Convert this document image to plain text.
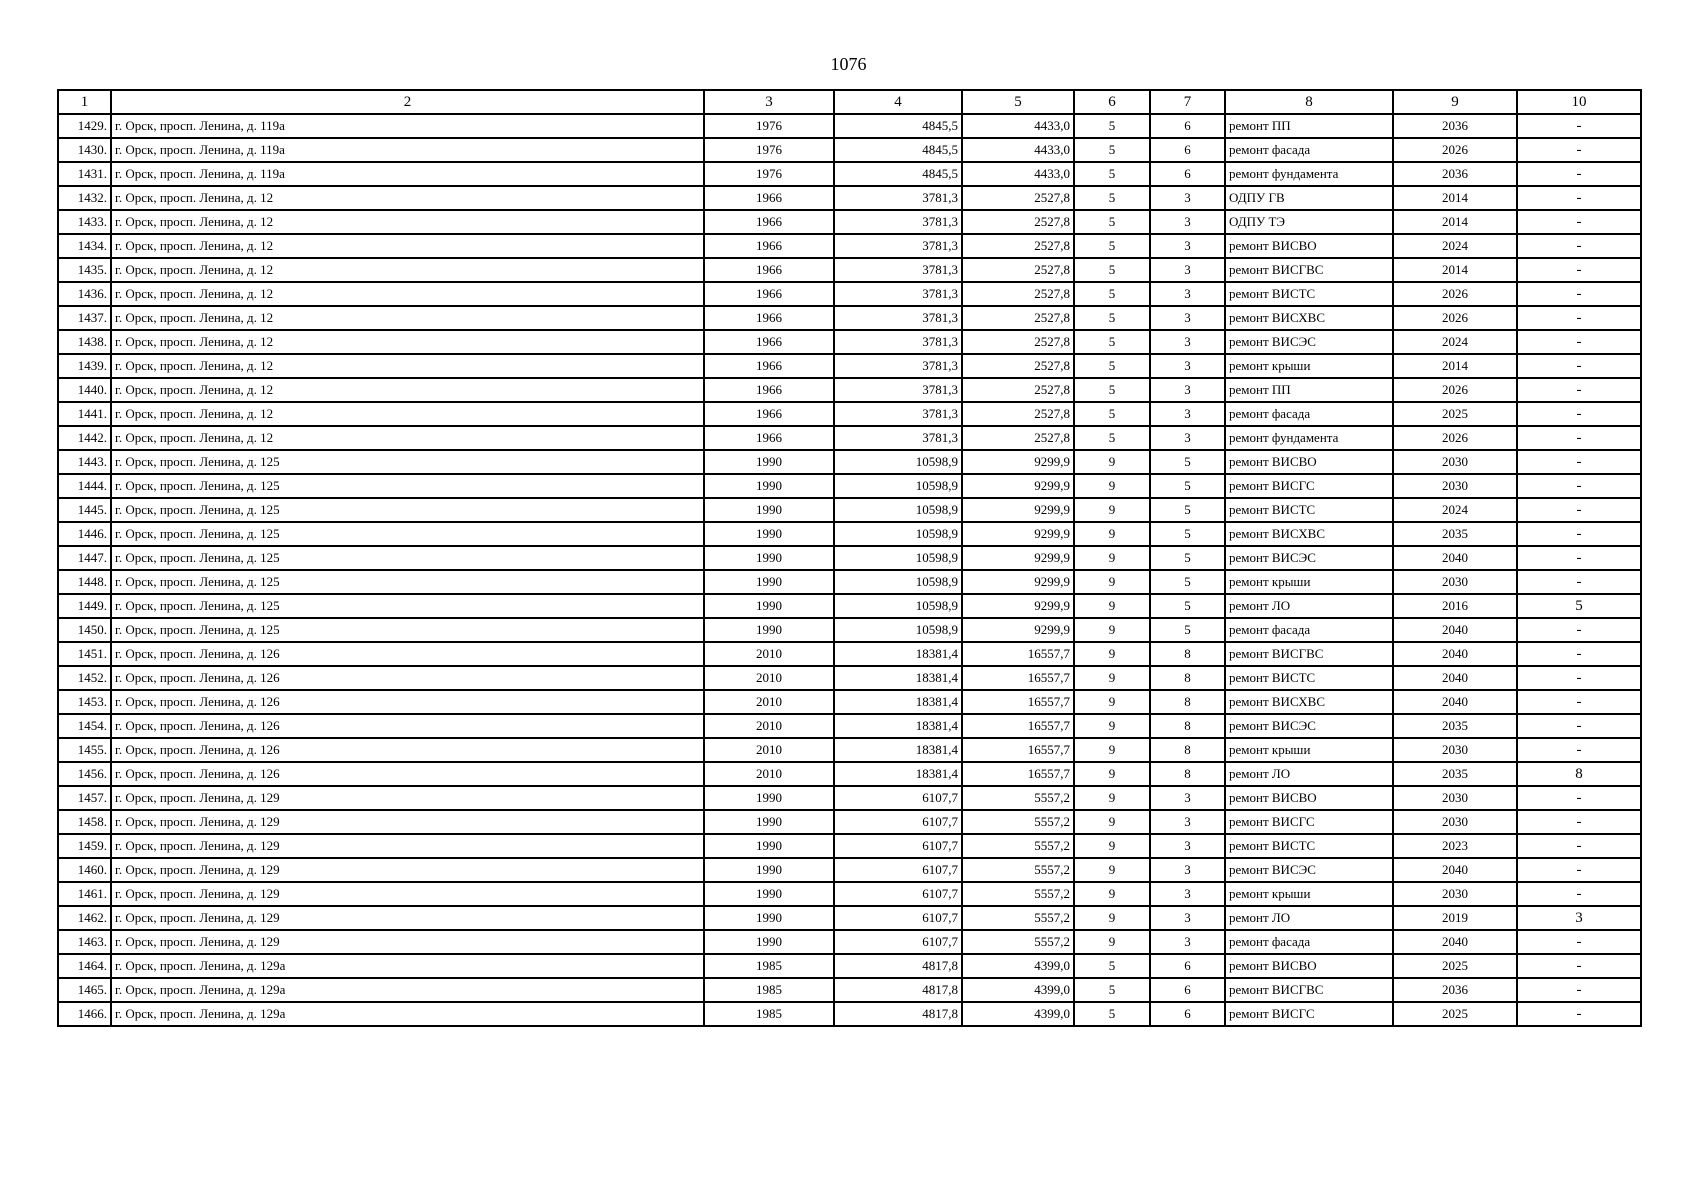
1076
1	2	3	4	5	6	7	8	9	10
1429.	г. Орск, просп. Ленина, д. 119а	1976	4845,5	4433,0	5	6	ремонт ПП	2036	-
1430.	г. Орск, просп. Ленина, д. 119а	1976	4845,5	4433,0	5	6	ремонт фасада	2026	-
1431.	г. Орск, просп. Ленина, д. 119а	1976	4845,5	4433,0	5	6	ремонт фундамента	2036	-
1432.	г. Орск, просп. Ленина, д. 12	1966	3781,3	2527,8	5	3	ОДПУ ГВ	2014	-
1433.	г. Орск, просп. Ленина, д. 12	1966	3781,3	2527,8	5	3	ОДПУ ТЭ	2014	-
1434.	г. Орск, просп. Ленина, д. 12	1966	3781,3	2527,8	5	3	ремонт ВИСВО	2024	-
1435.	г. Орск, просп. Ленина, д. 12	1966	3781,3	2527,8	5	3	ремонт ВИСГВС	2014	-
1436.	г. Орск, просп. Ленина, д. 12	1966	3781,3	2527,8	5	3	ремонт ВИСТС	2026	-
1437.	г. Орск, просп. Ленина, д. 12	1966	3781,3	2527,8	5	3	ремонт ВИСХВС	2026	-
1438.	г. Орск, просп. Ленина, д. 12	1966	3781,3	2527,8	5	3	ремонт ВИСЭС	2024	-
1439.	г. Орск, просп. Ленина, д. 12	1966	3781,3	2527,8	5	3	ремонт крыши	2014	-
1440.	г. Орск, просп. Ленина, д. 12	1966	3781,3	2527,8	5	3	ремонт ПП	2026	-
1441.	г. Орск, просп. Ленина, д. 12	1966	3781,3	2527,8	5	3	ремонт фасада	2025	-
1442.	г. Орск, просп. Ленина, д. 12	1966	3781,3	2527,8	5	3	ремонт фундамента	2026	-
1443.	г. Орск, просп. Ленина, д. 125	1990	10598,9	9299,9	9	5	ремонт ВИСВО	2030	-
1444.	г. Орск, просп. Ленина, д. 125	1990	10598,9	9299,9	9	5	ремонт ВИСГС	2030	-
1445.	г. Орск, просп. Ленина, д. 125	1990	10598,9	9299,9	9	5	ремонт ВИСТС	2024	-
1446.	г. Орск, просп. Ленина, д. 125	1990	10598,9	9299,9	9	5	ремонт ВИСХВС	2035	-
1447.	г. Орск, просп. Ленина, д. 125	1990	10598,9	9299,9	9	5	ремонт ВИСЭС	2040	-
1448.	г. Орск, просп. Ленина, д. 125	1990	10598,9	9299,9	9	5	ремонт крыши	2030	-
1449.	г. Орск, просп. Ленина, д. 125	1990	10598,9	9299,9	9	5	ремонт ЛО	2016	5
1450.	г. Орск, просп. Ленина, д. 125	1990	10598,9	9299,9	9	5	ремонт фасада	2040	-
1451.	г. Орск, просп. Ленина, д. 126	2010	18381,4	16557,7	9	8	ремонт ВИСГВС	2040	-
1452.	г. Орск, просп. Ленина, д. 126	2010	18381,4	16557,7	9	8	ремонт ВИСТС	2040	-
1453.	г. Орск, просп. Ленина, д. 126	2010	18381,4	16557,7	9	8	ремонт ВИСХВС	2040	-
1454.	г. Орск, просп. Ленина, д. 126	2010	18381,4	16557,7	9	8	ремонт ВИСЭС	2035	-
1455.	г. Орск, просп. Ленина, д. 126	2010	18381,4	16557,7	9	8	ремонт крыши	2030	-
1456.	г. Орск, просп. Ленина, д. 126	2010	18381,4	16557,7	9	8	ремонт ЛО	2035	8
1457.	г. Орск, просп. Ленина, д. 129	1990	6107,7	5557,2	9	3	ремонт ВИСВО	2030	-
1458.	г. Орск, просп. Ленина, д. 129	1990	6107,7	5557,2	9	3	ремонт ВИСГС	2030	-
1459.	г. Орск, просп. Ленина, д. 129	1990	6107,7	5557,2	9	3	ремонт ВИСТС	2023	-
1460.	г. Орск, просп. Ленина, д. 129	1990	6107,7	5557,2	9	3	ремонт ВИСЭС	2040	-
1461.	г. Орск, просп. Ленина, д. 129	1990	6107,7	5557,2	9	3	ремонт крыши	2030	-
1462.	г. Орск, просп. Ленина, д. 129	1990	6107,7	5557,2	9	3	ремонт ЛО	2019	3
1463.	г. Орск, просп. Ленина, д. 129	1990	6107,7	5557,2	9	3	ремонт фасада	2040	-
1464.	г. Орск, просп. Ленина, д. 129а	1985	4817,8	4399,0	5	6	ремонт ВИСВО	2025	-
1465.	г. Орск, просп. Ленина, д. 129а	1985	4817,8	4399,0	5	6	ремонт ВИСГВС	2036	-
1466.	г. Орск, просп. Ленина, д. 129а	1985	4817,8	4399,0	5	6	ремонт ВИСГС	2025	-
